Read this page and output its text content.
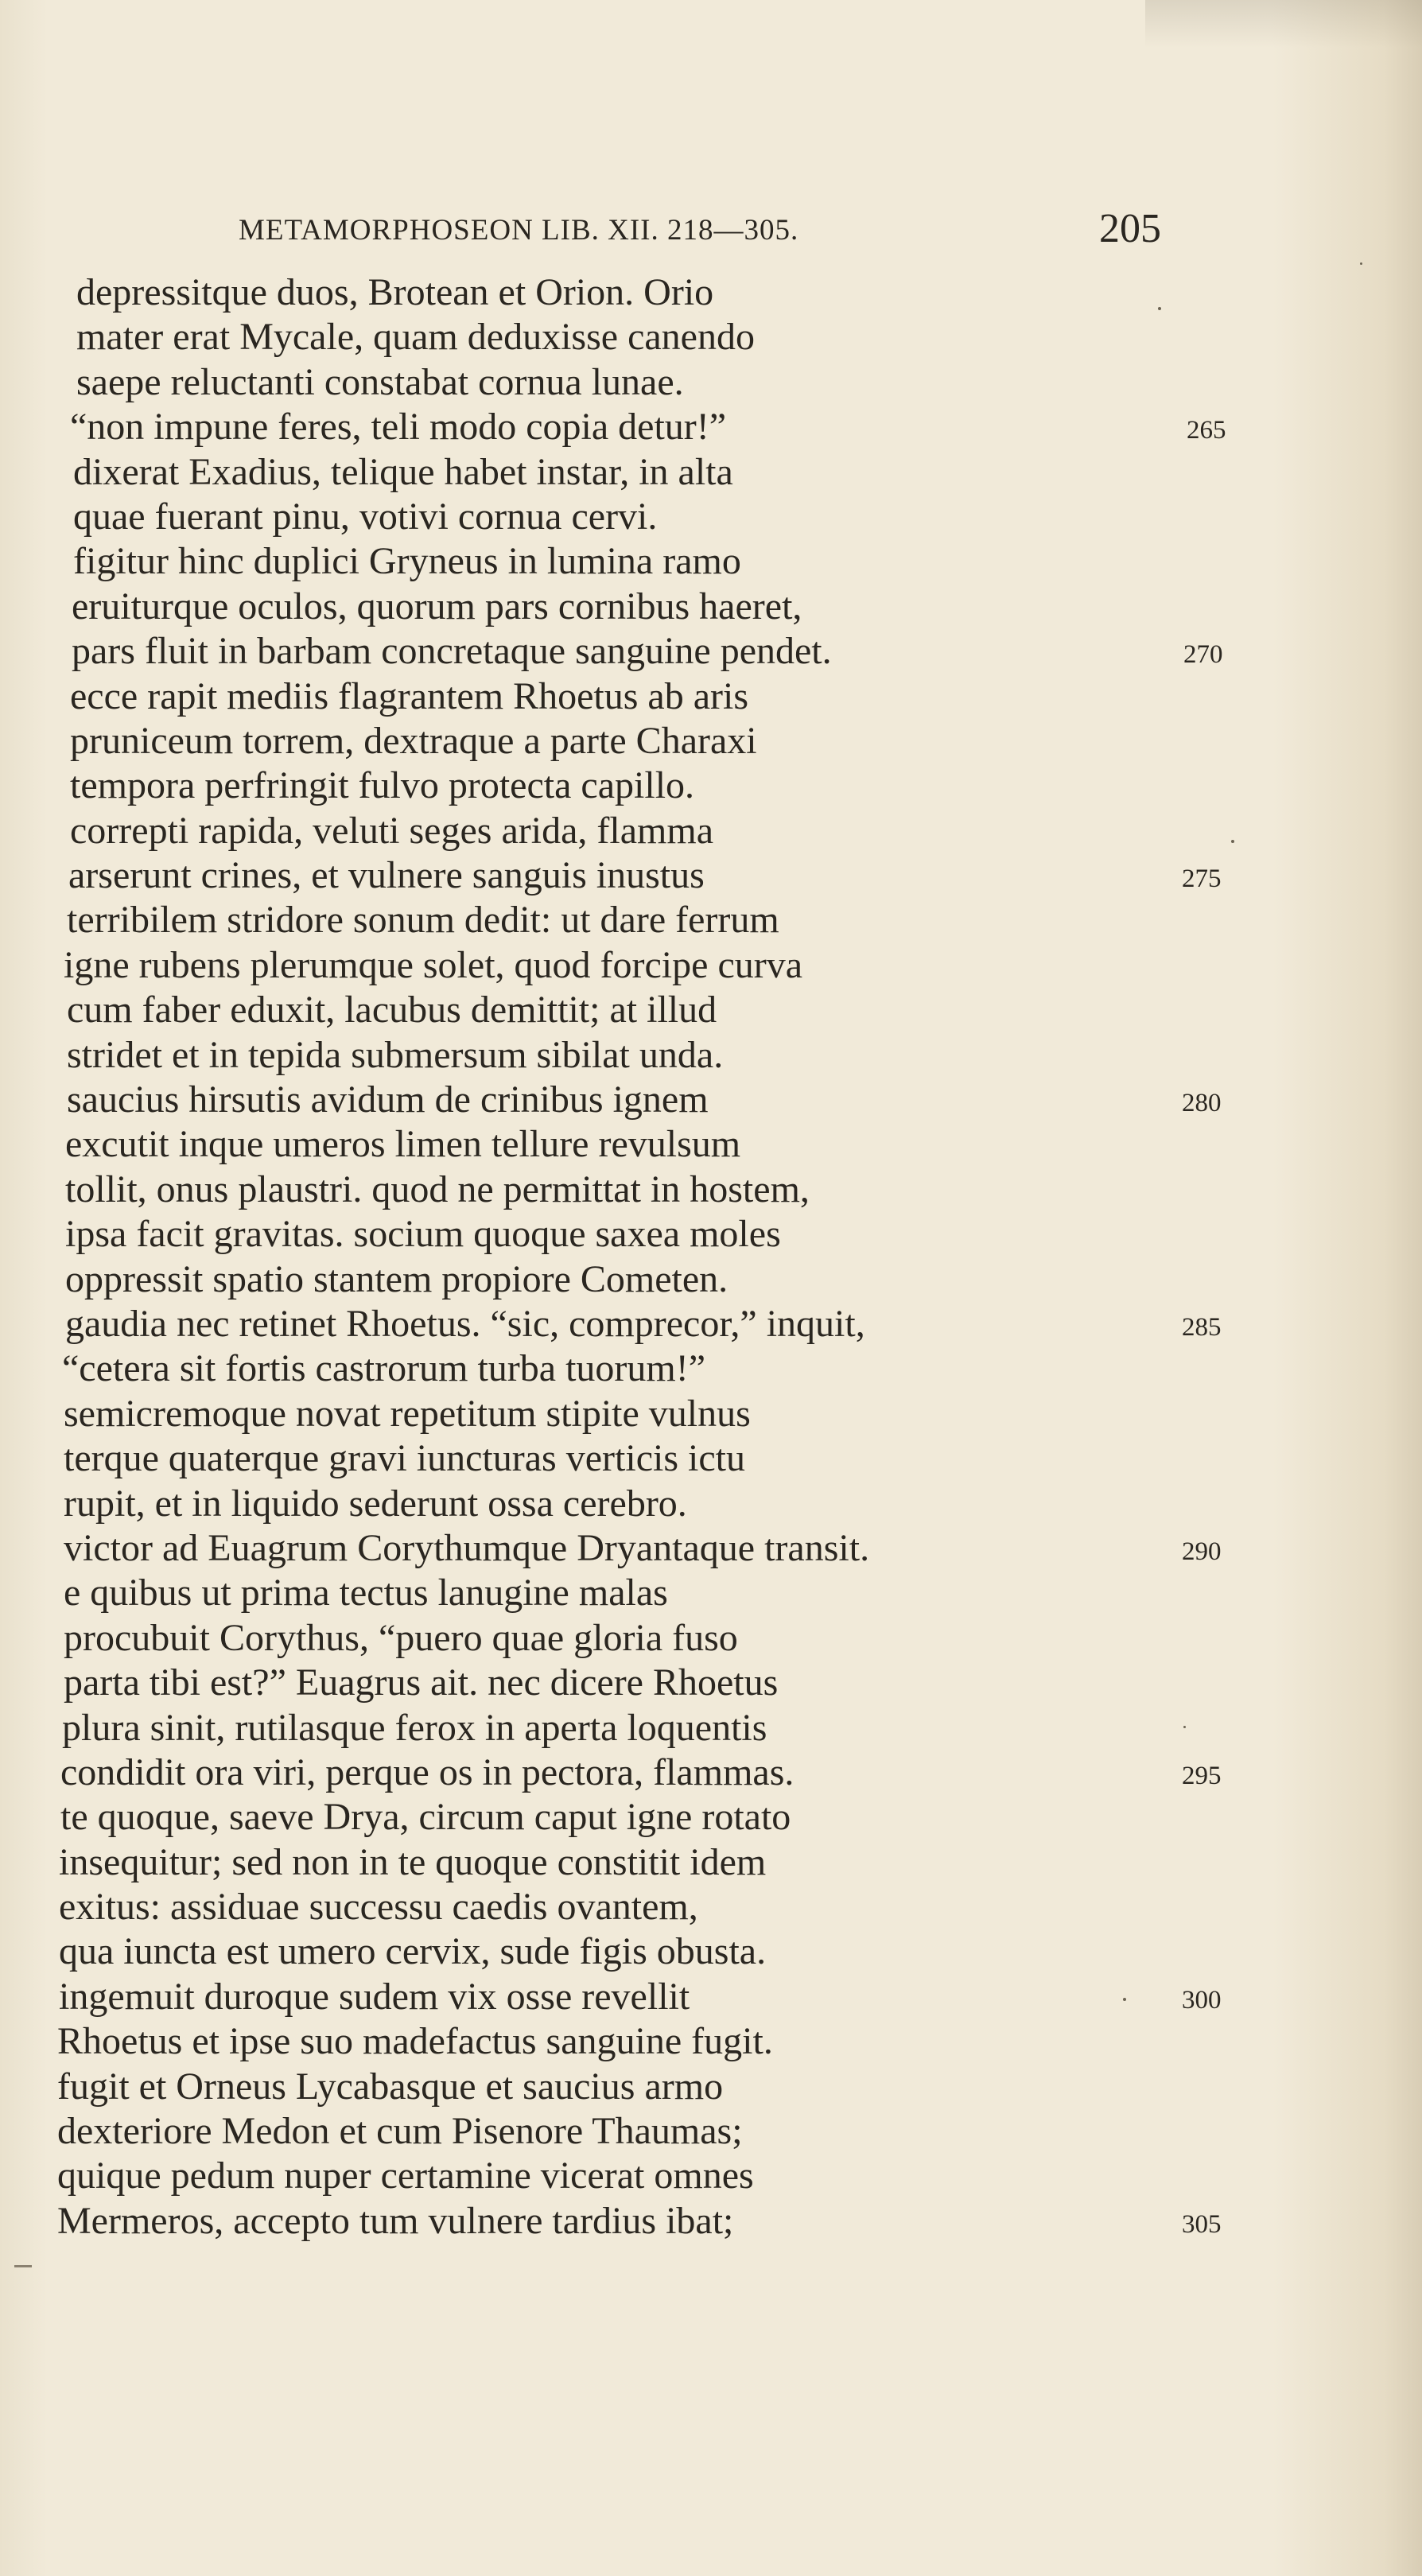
METAMORPHOSEON LIB. XII. 218—305.	205
depressitque duos, Brotean et Orion. Orio
mater erat Mycale, quam deduxisse canendo
saepe reluctanti constabat cornua lunae.
“non impune feres, teli modo copia detur!”	265
dixerat Exadius, telique habet instar, in alta
quae fuerant pinu, votivi cornua cervi.
figitur hinc duplici Gryneus in lumina ramo
eruiturque oculos, quorum pars cornibus haeret,
pars fluit in barbam concretaque sanguine pendet.	270
ecce rapit mediis flagrantem Rhoetus ab aris
pruniceum torrem, dextraque a parte Charaxi
tempora perfringit fulvo protecta capillo.
correpti rapida, veluti seges arida, flamma
arserunt crines, et vulnere sanguis inustus	275
terribilem stridore sonum dedit: ut dare ferrum
igne rubens plerumque solet, quod forcipe curva
cum faber eduxit, lacubus demittit; at illud
stridet et in tepida submersum sibilat unda.
saucius hirsutis avidum de crinibus ignem	280
excutit inque umeros limen tellure revulsum
tollit, onus plaustri. quod ne permittat in hostem,
ipsa facit gravitas. socium quoque saxea moles
oppressit spatio stantem propiore Cometen.
gaudia nec retinet Rhoetus. “sic, comprecor,” inquit,	285
“cetera sit fortis castrorum turba tuorum!”
semicremoque novat repetitum stipite vulnus
terque quaterque gravi iuncturas verticis ictu
rupit, et in liquido sederunt ossa cerebro.
victor ad Euagrum Corythumque Dryantaque transit.	290
e quibus ut prima tectus lanugine malas
procubuit Corythus, “puero quae gloria fuso
parta tibi est?” Euagrus ait. nec dicere Rhoetus
plura sinit, rutilasque ferox in aperta loquentis
condidit ora viri, perque os in pectora, flammas.	295
te quoque, saeve Drya, circum caput igne rotato
insequitur; sed non in te quoque constitit idem
exitus: assiduae successu caedis ovantem,
qua iuncta est umero cervix, sude figis obusta.
ingemuit duroque sudem vix osse revellit	300
Rhoetus et ipse suo madefactus sanguine fugit.
fugit et Orneus Lycabasque et saucius armo
dexteriore Medon et cum Pisenore Thaumas;
quique pedum nuper certamine vicerat omnes
Mermeros, accepto tum vulnere tardius ibat;	305
